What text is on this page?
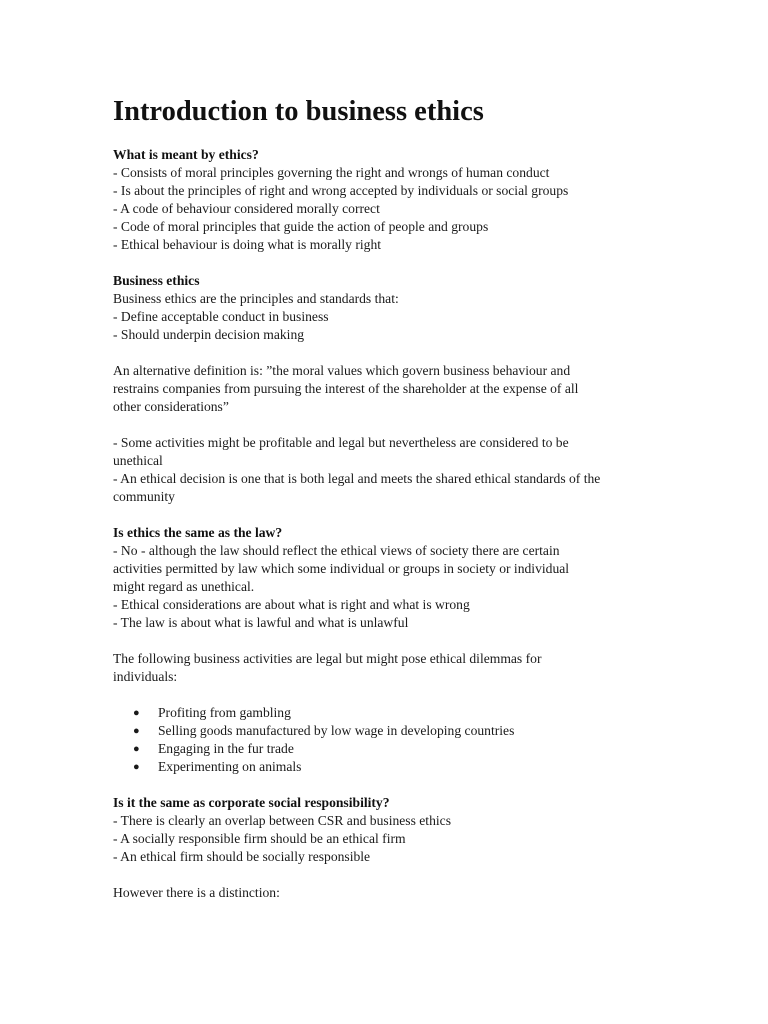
Introduction to business ethics
What is meant by ethics?
- Consists of moral principles governing the right and wrongs of human conduct
- Is about the principles of right and wrong accepted by individuals or social groups
- A code of behaviour considered morally correct
- Code of moral principles that guide the action of people and groups
- Ethical behaviour is doing what is morally right
Business ethics
Business ethics are the principles and standards that:
- Define acceptable conduct in business
- Should underpin decision making
An alternative definition is: ”the moral values which govern business behaviour and
restrains companies from pursuing the interest of the shareholder at the expense of all
other considerations”
- Some activities might be profitable and legal but nevertheless are considered to be
unethical
- An ethical decision is one that is both legal and meets the shared ethical standards of the
community
Is ethics the same as the law?
- No - although the law should reflect the ethical views of society there are certain
activities permitted by law which some individual or groups in society or individual
might regard as unethical.
- Ethical considerations are about what is right and what is wrong
- The law is about what is lawful and what is unlawful
The following business activities are legal but might pose ethical dilemmas for
individuals:
● Profiting from gambling
● Selling goods manufactured by low wage in developing countries
● Engaging in the fur trade
● Experimenting on animals
Is it the same as corporate social responsibility?
- There is clearly an overlap between CSR and business ethics
- A socially responsible firm should be an ethical firm
- An ethical firm should be socially responsible
However there is a distinction:
